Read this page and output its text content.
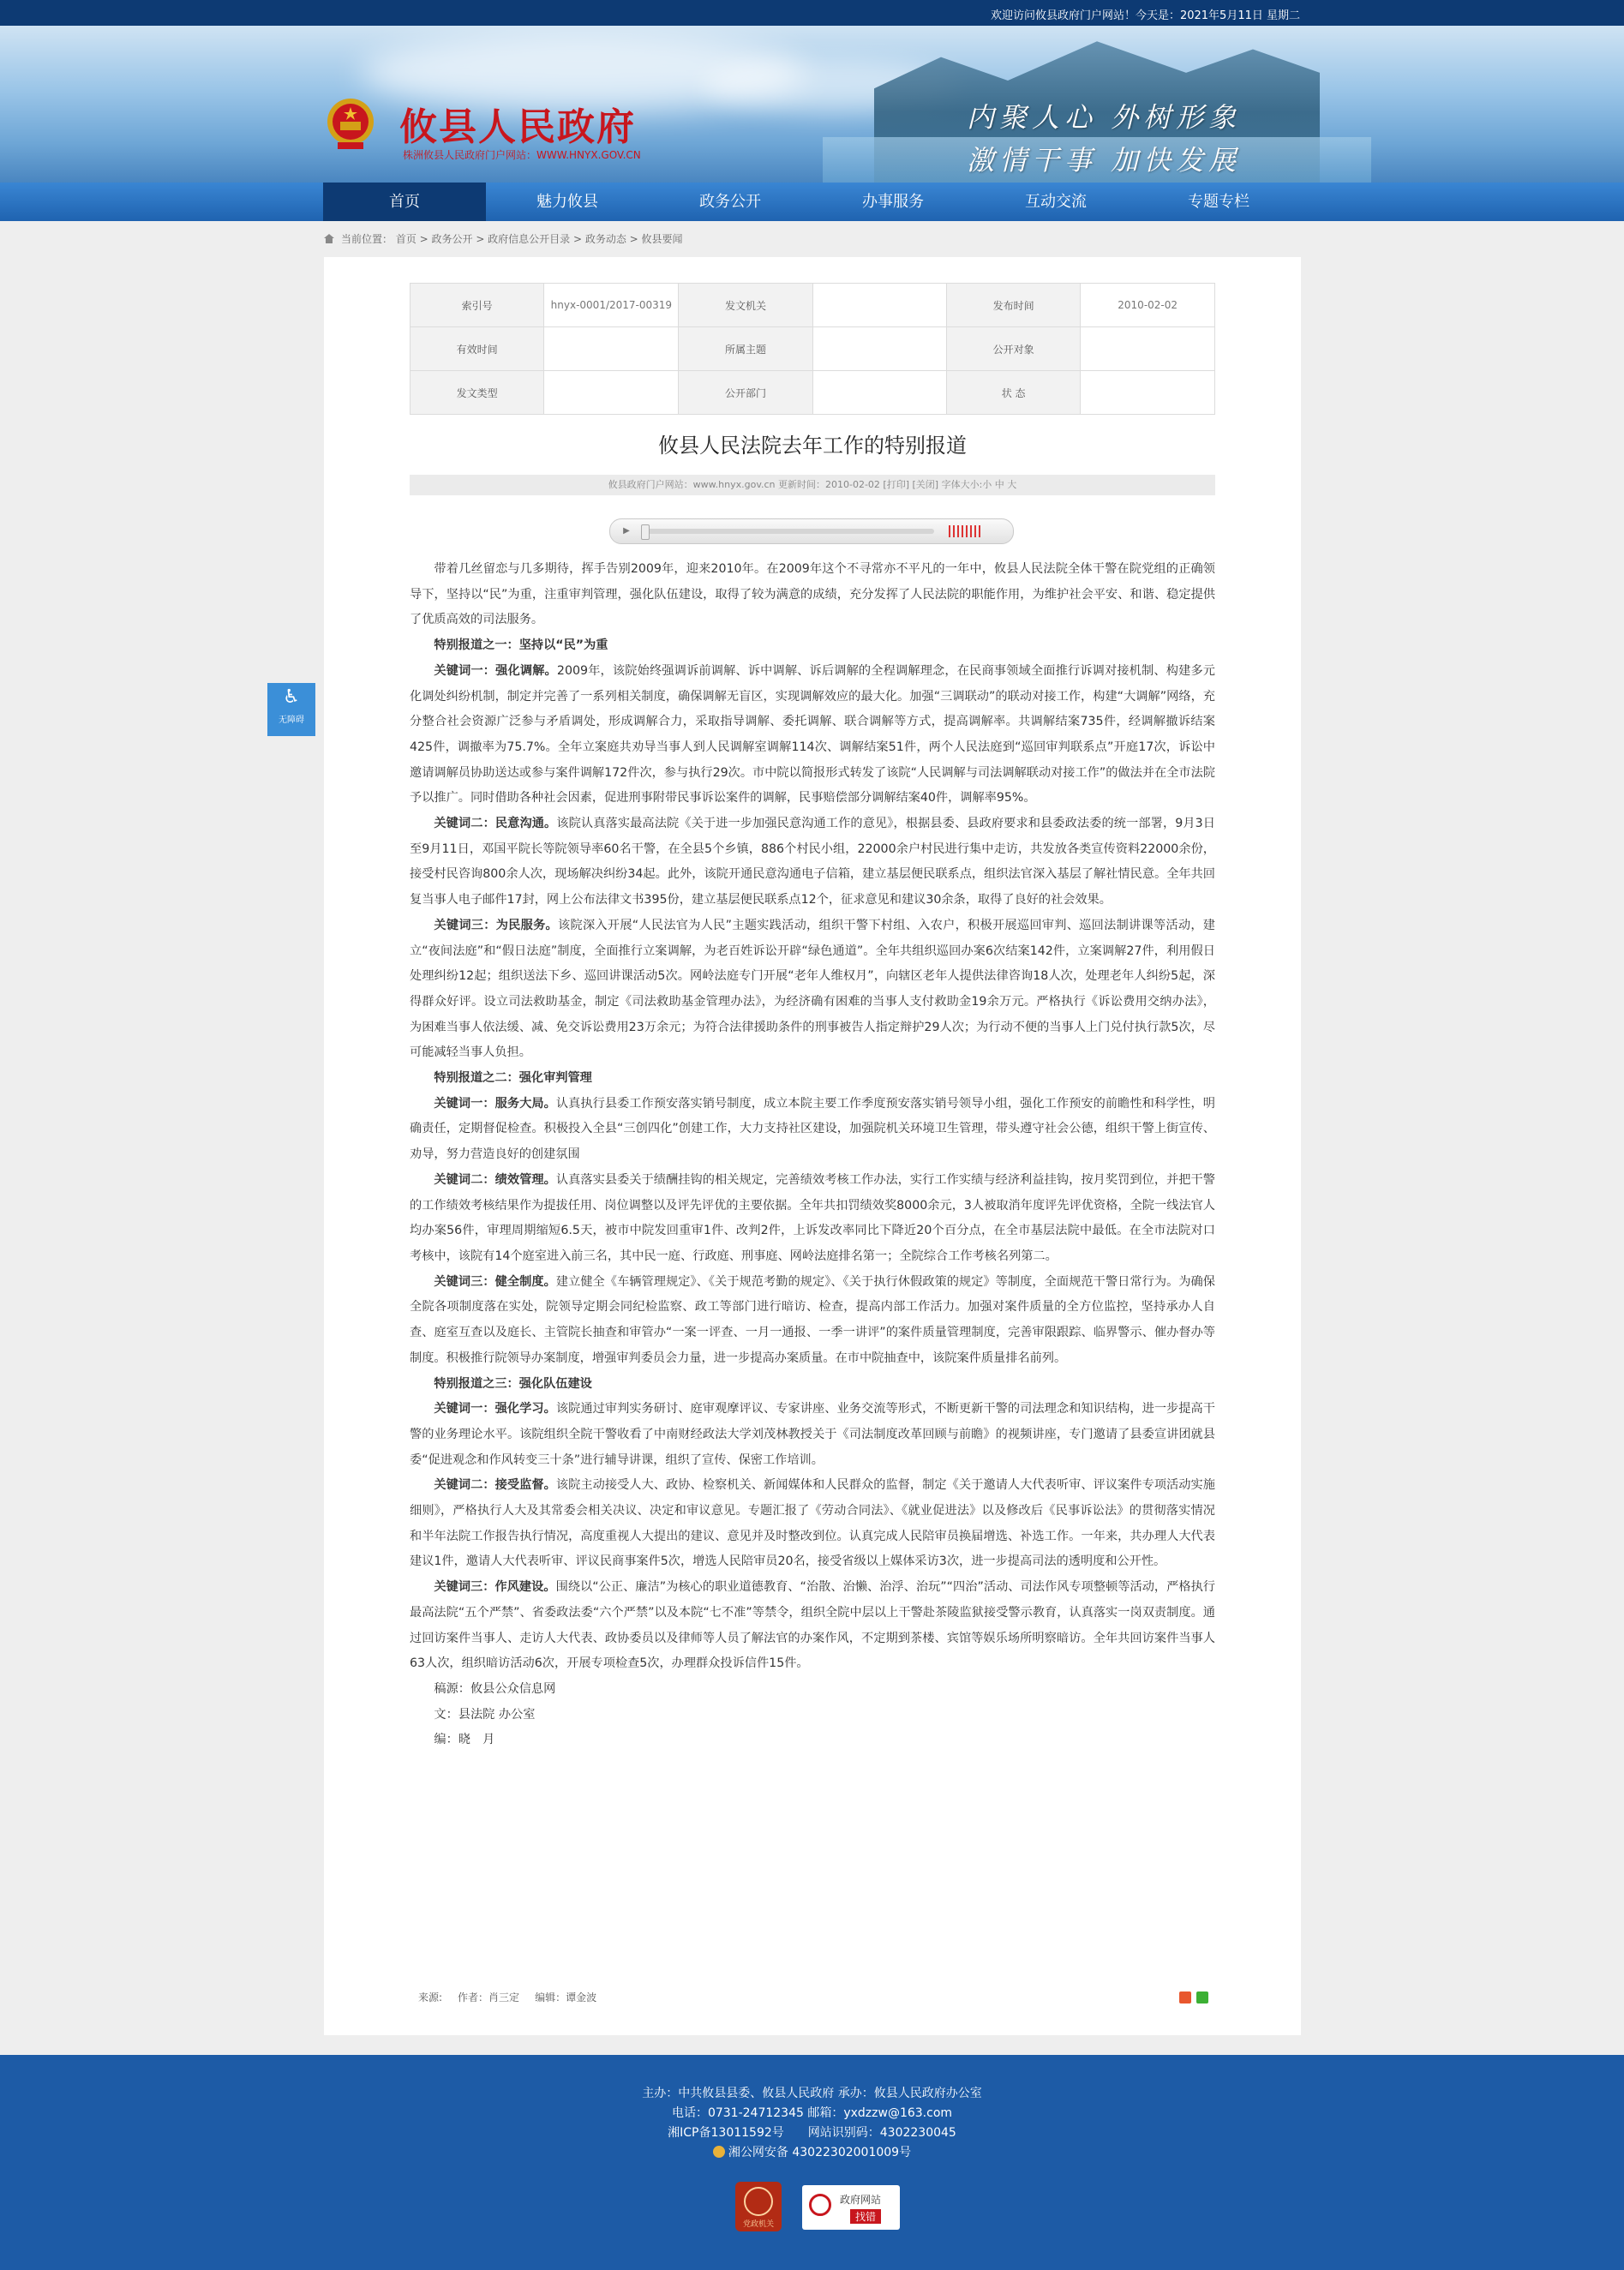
欢迎访问攸县政府门户网站！今天是：2021年5月11日 星期二
攸县人民政府
株洲攸县人民政府门户网站：WWW.HNYX.GOV.CN
内聚人心 外树形象
激情干事 加快发展
首页	魅力攸县	政务公开	办事服务	互动交流	专题专栏
当前位置： 首页 > 政务公开 > 政府信息公开目录 > 政务动态 > 攸县要闻
♿
无障碍
索引号	hnyx-0001/2017-00319	发文机关		发布时间	2010-02-02
有效时间		所属主题		公开对象	
发文类型		公开部门		状 态	
攸县人民法院去年工作的特别报道
攸县政府门户网站：www.hnyx.gov.cn 更新时间：2010-02-02 [打印] [关闭] 字体大小:小 中 大
▶

带着几丝留恋与几多期待，挥手告别2009年，迎来2010年。在2009年这个不寻常亦不平凡的一年中，攸县人民法院全体干警在院党组的正确领导下，坚持以“民”为重，注重审判管理，强化队伍建设，取得了较为满意的成绩，充分发挥了人民法院的职能作用，为维护社会平安、和谐、稳定提供了优质高效的司法服务。

特别报道之一：坚持以“民”为重

关键词一：强化调解。2009年，该院始终强调诉前调解、诉中调解、诉后调解的全程调解理念，在民商事领域全面推行诉调对接机制、构建多元化调处纠纷机制，制定并完善了一系列相关制度，确保调解无盲区，实现调解效应的最大化。加强“三调联动”的联动对接工作，构建“大调解”网络，充分整合社会资源广泛参与矛盾调处，形成调解合力，采取指导调解、委托调解、联合调解等方式，提高调解率。共调解结案735件，经调解撤诉结案425件，调撤率为75.7%。全年立案庭共劝导当事人到人民调解室调解114次、调解结案51件，两个人民法庭到“巡回审判联系点”开庭17次，诉讼中邀请调解员协助送达或参与案件调解172件次，参与执行29次。市中院以简报形式转发了该院“人民调解与司法调解联动对接工作”的做法并在全市法院予以推广。同时借助各种社会因素，促进刑事附带民事诉讼案件的调解，民事赔偿部分调解结案40件，调解率95%。

关键词二：民意沟通。该院认真落实最高法院《关于进一步加强民意沟通工作的意见》，根据县委、县政府要求和县委政法委的统一部署，9月3日至9月11日，邓国平院长等院领导率60名干警，在全县5个乡镇，886个村民小组，22000余户村民进行集中走访，共发放各类宣传资料22000余份，接受村民咨询800余人次，现场解决纠纷34起。此外，该院开通民意沟通电子信箱，建立基层便民联系点，组织法官深入基层了解社情民意。全年共回复当事人电子邮件17封，网上公布法律文书395份，建立基层便民联系点12个，征求意见和建议30余条，取得了良好的社会效果。

关键词三：为民服务。该院深入开展“人民法官为人民”主题实践活动，组织干警下村组、入农户，积极开展巡回审判、巡回法制讲课等活动，建立“夜间法庭”和“假日法庭”制度，全面推行立案调解，为老百姓诉讼开辟“绿色通道”。全年共组织巡回办案6次结案142件，立案调解27件，利用假日处理纠纷12起；组织送法下乡、巡回讲课活动5次。网岭法庭专门开展“老年人维权月”，向辖区老年人提供法律咨询18人次，处理老年人纠纷5起，深得群众好评。设立司法救助基金，制定《司法救助基金管理办法》，为经济确有困难的当事人支付救助金19余万元。严格执行《诉讼费用交纳办法》，为困难当事人依法缓、减、免交诉讼费用23万余元；为符合法律援助条件的刑事被告人指定辩护29人次；为行动不便的当事人上门兑付执行款5次，尽可能减轻当事人负担。

特别报道之二：强化审判管理

关键词一：服务大局。认真执行县委工作预安落实销号制度，成立本院主要工作季度预安落实销号领导小组，强化工作预安的前瞻性和科学性，明确责任，定期督促检查。积极投入全县“三创四化”创建工作，大力支持社区建设，加强院机关环境卫生管理，带头遵守社会公德，组织干警上街宣传、劝导，努力营造良好的创建氛围

关键词二：绩效管理。认真落实县委关于绩酬挂钩的相关规定，完善绩效考核工作办法，实行工作实绩与经济利益挂钩，按月奖罚到位，并把干警的工作绩效考核结果作为提拔任用、岗位调整以及评先评优的主要依据。全年共扣罚绩效奖8000余元，3人被取消年度评先评优资格，全院一线法官人均办案56件，审理周期缩短6.5天，被市中院发回重审1件、改判2件，上诉发改率同比下降近20个百分点，在全市基层法院中最低。在全市法院对口考核中，该院有14个庭室进入前三名，其中民一庭、行政庭、刑事庭、网岭法庭排名第一；全院综合工作考核名列第二。

关键词三：健全制度。建立健全《车辆管理规定》、《关于规范考勤的规定》、《关于执行休假政策的规定》等制度，全面规范干警日常行为。为确保全院各项制度落在实处，院领导定期会同纪检监察、政工等部门进行暗访、检查，提高内部工作活力。加强对案件质量的全方位监控，坚持承办人自查、庭室互查以及庭长、主管院长抽查和审管办“一案一评查、一月一通报、一季一讲评”的案件质量管理制度，完善审限跟踪、临界警示、催办督办等制度。积极推行院领导办案制度，增强审判委员会力量，进一步提高办案质量。在市中院抽查中，该院案件质量排名前列。

特别报道之三：强化队伍建设

关键词一：强化学习。该院通过审判实务研讨、庭审观摩评议、专家讲座、业务交流等形式，不断更新干警的司法理念和知识结构，进一步提高干警的业务理论水平。该院组织全院干警收看了中南财经政法大学刘茂林教授关于《司法制度改革回顾与前瞻》的视频讲座，专门邀请了县委宣讲团就县委“促进观念和作风转变三十条”进行辅导讲课，组织了宣传、保密工作培训。

关键词二：接受监督。该院主动接受人大、政协、检察机关、新闻媒体和人民群众的监督，制定《关于邀请人大代表听审、评议案件专项活动实施细则》，严格执行人大及其常委会相关决议、决定和审议意见。专题汇报了《劳动合同法》、《就业促进法》以及修改后《民事诉讼法》的贯彻落实情况和半年法院工作报告执行情况，高度重视人大提出的建议、意见并及时整改到位。认真完成人民陪审员换届增选、补选工作。一年来，共办理人大代表建议1件，邀请人大代表听审、评议民商事案件5次，增选人民陪审员20名，接受省级以上媒体采访3次，进一步提高司法的透明度和公开性。

关键词三：作风建设。围绕以“公正、廉洁”为核心的职业道德教育、“治散、治懒、治浮、治玩”“四治”活动、司法作风专项整顿等活动，严格执行最高法院“五个严禁”、省委政法委“六个严禁”以及本院“七不准”等禁令，组织全院中层以上干警赴茶陵监狱接受警示教育，认真落实一岗双责制度。通过回访案件当事人、走访人大代表、政协委员以及律师等人员了解法官的办案作风，不定期到茶楼、宾馆等娱乐场所明察暗访。全年共回访案件当事人63人次，组织暗访活动6次，开展专项检查5次，办理群众投诉信件15件。

稿源：攸县公众信息网

文：县法院 办公室

编：晓　月

来源: 作者：肖三定 编辑：谭金波
主办：中共攸县县委、攸县人民政府 承办：攸县人民政府办公室
电话：0731-24712345 邮箱：yxdzzw@163.com
湘ICP备13011592号　　网站识别码：4302230045
湘公网安备 43022302001009号
党政机关
政府网站
找错
